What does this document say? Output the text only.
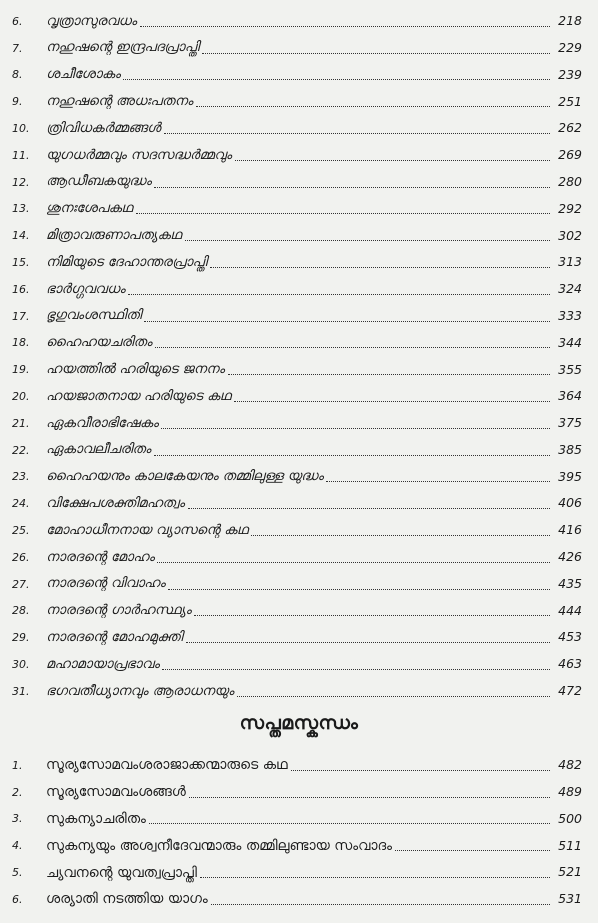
6.	വൃത്രാസുരവധം	218
7.	നഹുഷന്റെ ഇന്ദ്രപദപ്രാപ്തി	229
8.	ശചീശോകം	239
9.	നഹുഷന്റെ അധഃപതനം	251
10.	ത്രിവിധകർമ്മങ്ങൾ	262
11.	യുഗധർമ്മവും സദസദ്ധർമ്മവും	269
12.	ആഡീബകയുദ്ധം	280
13.	ശുനഃശേപകഥ	292
14.	മിത്രാവരുണാപത്യകഥ	302
15.	നിമിയുടെ ദേഹാന്തരപ്രാപ്തി	313
16.	ഭാർഗ്ഗവവധം	324
17.	ഭൃഗുവംശസ്ഥിതി	333
18.	ഹൈഹയചരിതം	344
19.	ഹയത്തിൽ ഹരിയുടെ ജനനം	355
20.	ഹയജാതനായ ഹരിയുടെ കഥ	364
21.	ഏകവീരാഭിഷേകം	375
22.	ഏകാവലീചരിതം	385
23.	ഹൈഹയനും കാലകേയനും തമ്മിലുള്ള യുദ്ധം	395
24.	വിക്ഷേപശക്തിമഹത്വം	406
25.	മോഹാധീനനായ വ്യാസന്റെ കഥ	416
26.	നാരദന്റെ മോഹം	426
27.	നാരദന്റെ വിവാഹം	435
28.	നാരദന്റെ ഗാർഹസ്ഥ്യം	444
29.	നാരദന്റെ മോഹമുക്തി	453
30.	മഹാമായാപ്രഭാവം	463
31.	ഭഗവതീധ്യാനവും ആരാധനയും	472
സപ്തമസ്കന്ധം
1.	സൂര്യസോമവംശരാജാക്കന്മാരുടെ കഥ	482
2.	സൂര്യസോമവംശങ്ങൾ	489
3.	സുകന്യാചരിതം	500
4.	സുകന്യയും അശ്വനീദേവന്മാരും തമ്മിലുണ്ടായ സംവാദം	511
5.	ച്യവനന്റെ യുവത്വപ്രാപ്തി	521
6.	ശര്യാതി നടത്തിയ യാഗം	531
